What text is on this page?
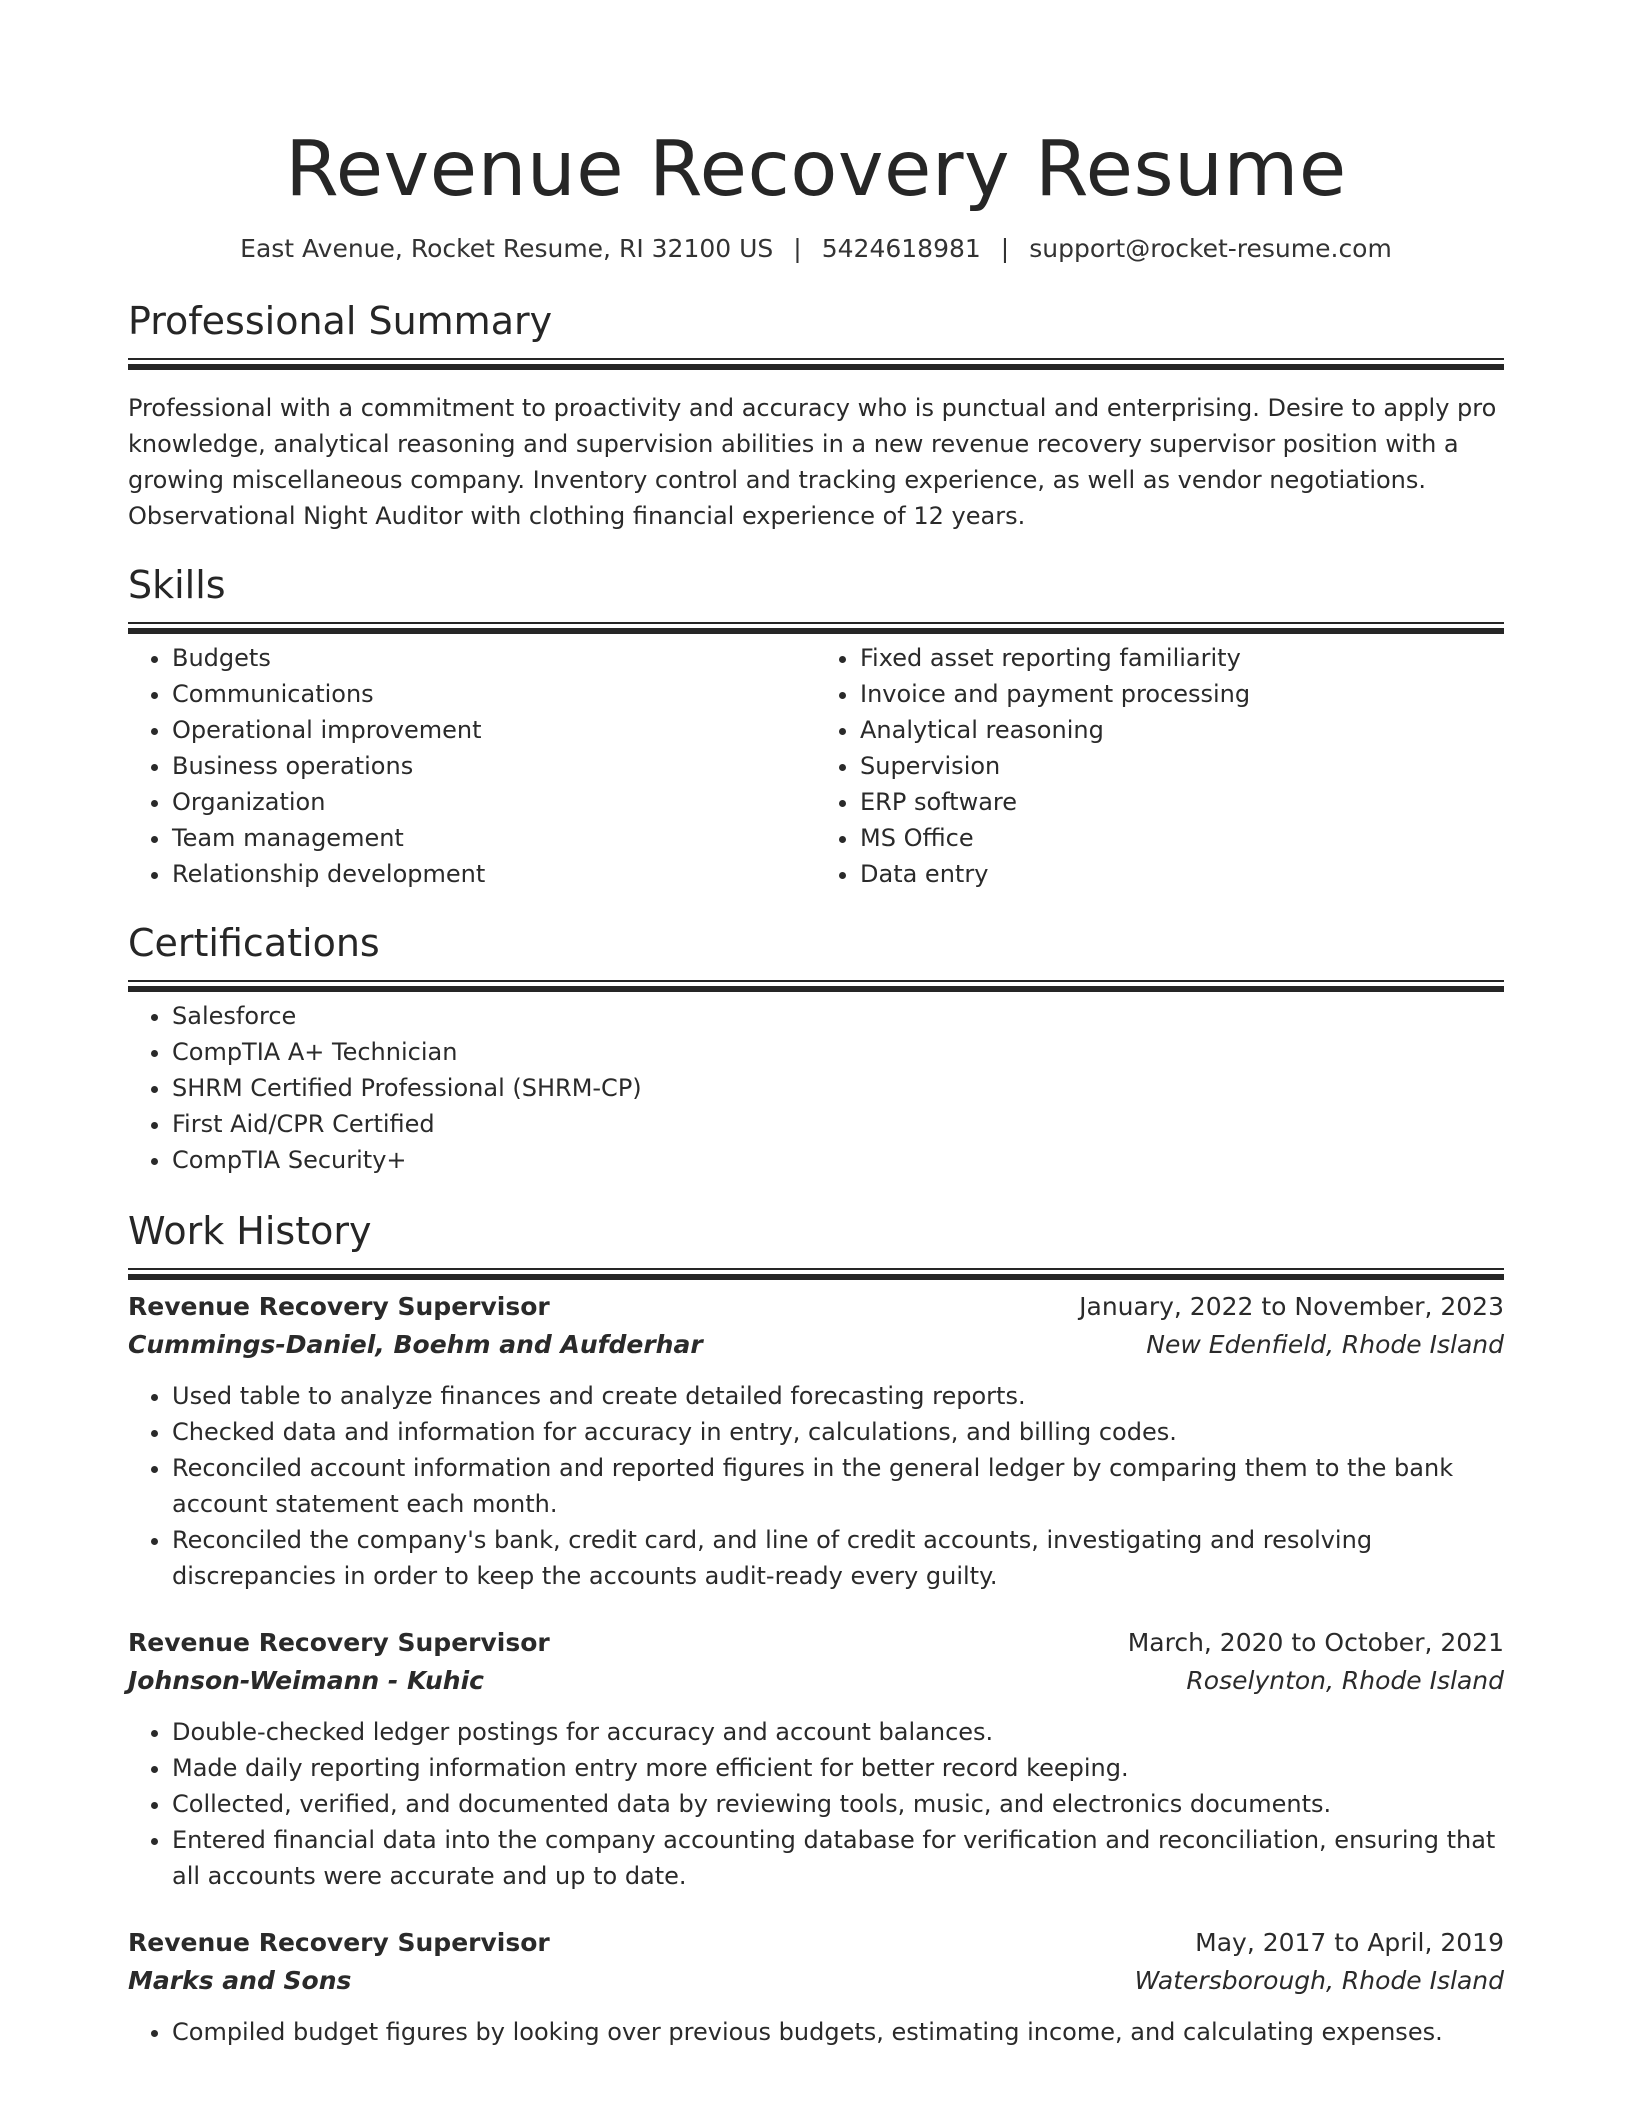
Revenue Recovery Resume
East Avenue, Rocket Resume, RI 32100 US | 5424618981 | support@rocket-resume.com
Professional Summary
Professional with a commitment to proactivity and accuracy who is punctual and enterprising. Desire to apply pro knowledge, analytical reasoning and supervision abilities in a new revenue recovery supervisor position with a growing miscellaneous company. Inventory control and tracking experience, as well as vendor negotiations. Observational Night Auditor with clothing financial experience of 12 years.
Skills
• Budgets
• Communications
• Operational improvement
• Business operations
• Organization
• Team management
• Relationship development
• Fixed asset reporting familiarity
• Invoice and payment processing
• Analytical reasoning
• Supervision
• ERP software
• MS Office
• Data entry
Certifications
• Salesforce
• CompTIA A+ Technician
• SHRM Certified Professional (SHRM-CP)
• First Aid/CPR Certified
• CompTIA Security+
Work History
Revenue Recovery Supervisor	January, 2022 to November, 2023
Cummings-Daniel, Boehm and Aufderhar	New Edenfield, Rhode Island
• Used table to analyze finances and create detailed forecasting reports.
• Checked data and information for accuracy in entry, calculations, and billing codes.
• Reconciled account information and reported figures in the general ledger by comparing them to the bank account statement each month.
• Reconciled the company's bank, credit card, and line of credit accounts, investigating and resolving discrepancies in order to keep the accounts audit-ready every guilty.
Revenue Recovery Supervisor	March, 2020 to October, 2021
Johnson-Weimann - Kuhic	Roselynton, Rhode Island
• Double-checked ledger postings for accuracy and account balances.
• Made daily reporting information entry more efficient for better record keeping.
• Collected, verified, and documented data by reviewing tools, music, and electronics documents.
• Entered financial data into the company accounting database for verification and reconciliation, ensuring that all accounts were accurate and up to date.
Revenue Recovery Supervisor	May, 2017 to April, 2019
Marks and Sons	Watersborough, Rhode Island
• Compiled budget figures by looking over previous budgets, estimating income, and calculating expenses.
